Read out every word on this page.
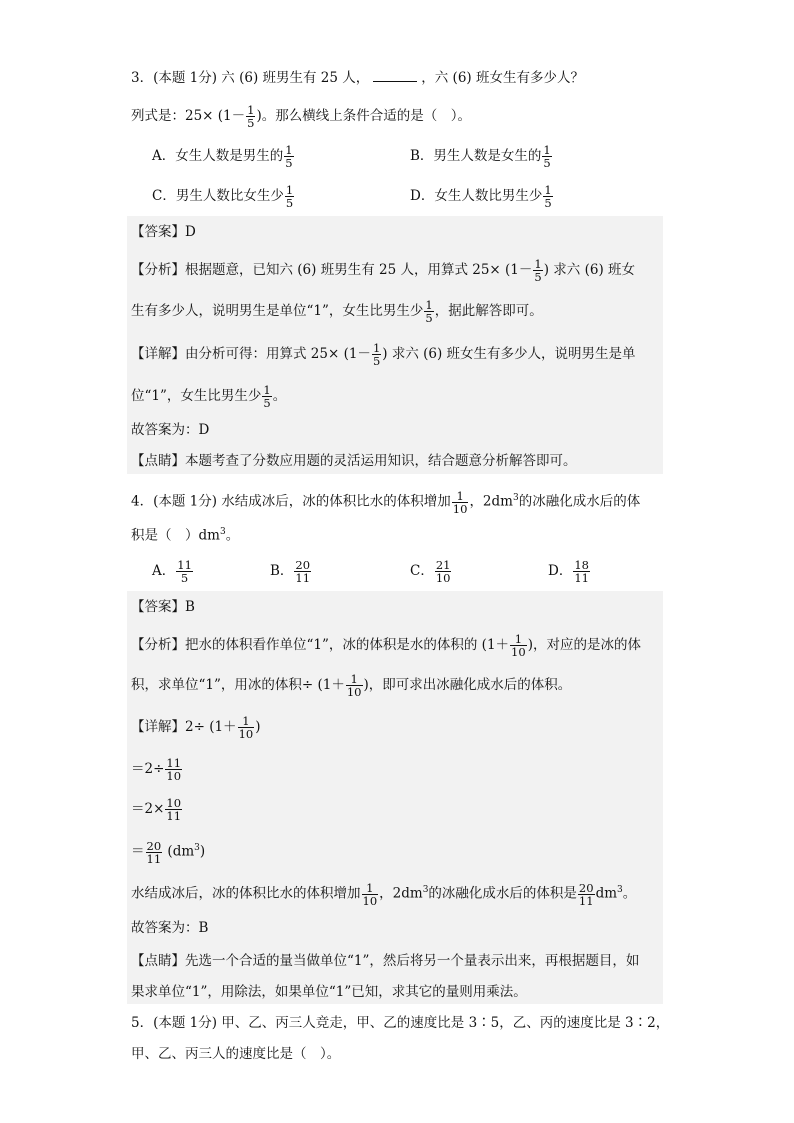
3．(本题 1分) 六 (6) 班男生有 25 人，	，六 (6) 班女生有多少人？
列式是：$25\times (1- \frac{1}{5}$ )。那么横线上条件合适的是（　）。
A．女生人数是男生的 $\frac{1}{5}$	B．男生人数是女生的 $\frac{1}{5}$
C．男生人数比女生少 $\frac{1}{5}$	D．女生人数比男生少 $\frac{1}{5}$
【答案】D
【分析】根据题意，已知六 (6) 班男生有 25 人，用算式 $25\times (1- \frac{1}{5}$ ) 求六 (6) 班女
生有多少人，说明男生是单位“1”，女生比男生少 $\frac{1}{5}$ ，据此解答即可。
【详解】由分析可得：用算式 $25\times (1- \frac{1}{5}$ ) 求六 (6) 班女生有多少人，说明男生是单
位“1”，女生比男生少 $\frac{1}{5}$ 。
故答案为：D
【点睛】本题考查了分数应用题的灵活运用知识，结合题意分析解答即可。
4．(本题 1分) 水结成冰后，冰的体积比水的体积增加 $\frac{1}{10}$ ，$2dm^3$的冰融化成水后的体
积是（　）$dm^3$。
A． $\frac{11}{5}$	B． $\frac{20}{11}$	C． $\frac{21}{10}$	D． $\frac{18}{11}$
【答案】B
【分析】把水的体积看作单位“1”，冰的体积是水的体积的 ($1+ \frac{1}{10}$ )，对应的是冰的体
积，求单位“1”，用冰的体积÷ ($1+ \frac{1}{10}$ )，即可求出冰融化成水后的体积。
【详解】$2\div (1+ \frac{1}{10}$ )
$=2\div \frac{11}{10}$
$=2\times \frac{10}{11}$
＝ $\frac{20}{11} (dm^3)$
水结成冰后，冰的体积比水的体积增加 $\frac{1}{10}$ ，$2dm^3$的冰融化成水后的体积是 $\frac{20}{11} dm^3$。
故答案为：B
【点睛】先选一个合适的量当做单位“1”，然后将另一个量表示出来，再根据题目，如
果求单位“1”，用除法，如果单位“1”已知，求其它的量则用乘法。
5．(本题 1分) 甲、乙、丙三人竞走，甲、乙的速度比是 3∶5，乙、丙的速度比是 3∶2，
甲、乙、丙三人的速度比是（　）。
